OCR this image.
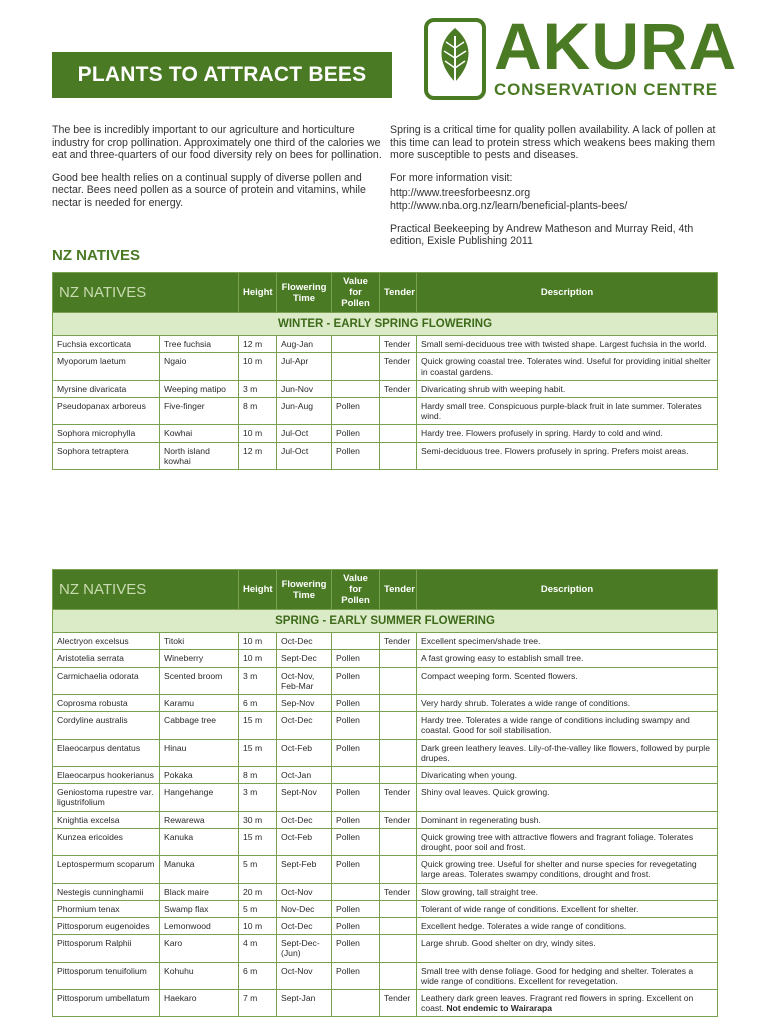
PLANTS TO ATTRACT BEES	AKURA
CONSERVATION CENTRE

The bee is incredibly important to our agriculture and horticulture industry for crop pollination. Approximately one third of the calories we eat and three-quarters of our food diversity rely on bees for pollination.

Good bee health relies on a continual supply of diverse pollen and nectar. Bees need pollen as a source of protein and vitamins, while nectar is needed for energy.

Spring is a critical time for quality pollen availability. A lack of pollen at this time can lead to protein stress which weakens bees making them more susceptible to pests and diseases.

For more information visit:

http://www.treesforbeesnz.org

http://www.nba.org.nz/learn/beneficial-plants-bees/

Practical Beekeeping by Andrew Matheson and Murray Reid, 4th edition, Exisle Publishing 2011

NZ NATIVES
NZ NATIVES		Height	Flowering Time	Value for Pollen	Tender	Description
WINTER - EARLY SPRING FLOWERING						
Fuchsia excorticata	Tree fuchsia	12 m	Aug-Jan		Tender	Small semi-deciduous tree with twisted shape. Largest fuchsia in the world.
Myoporum laetum	Ngaio	10 m	Jul-Apr		Tender	Quick growing coastal tree. Tolerates wind. Useful for providing initial shelter in coastal gardens.
Myrsine divaricata	Weeping matipo	3 m	Jun-Nov		Tender	Divaricating shrub with weeping habit.
Pseudopanax arboreus	Five-finger	8 m	Jun-Aug	Pollen		Hardy small tree. Conspicuous purple-black fruit in late summer. Tolerates wind.
Sophora microphylla	Kowhai	10 m	Jul-Oct	Pollen		Hardy tree. Flowers profusely in spring. Hardy to cold and wind.
Sophora tetraptera	North island kowhai	12 m	Jul-Oct	Pollen		Semi-deciduous tree. Flowers profusely in spring. Prefers moist areas.
NZ NATIVES		Height	Flowering Time	Value for Pollen	Tender	Description
SPRING - EARLY SUMMER FLOWERING						
Alectryon excelsus	Titoki	10 m	Oct-Dec		Tender	Excellent specimen/shade tree.
Aristotelia serrata	Wineberry	10 m	Sept-Dec	Pollen		A fast growing easy to establish small tree.
Carmichaelia odorata	Scented broom	3 m	Oct-Nov, Feb-Mar	Pollen		Compact weeping form. Scented flowers.
Coprosma robusta	Karamu	6 m	Sep-Nov	Pollen		Very hardy shrub. Tolerates a wide range of conditions.
Cordyline australis	Cabbage tree	15 m	Oct-Dec	Pollen		Hardy tree. Tolerates a wide range of conditions including swampy and coastal. Good for soil stabilisation.
Elaeocarpus dentatus	Hinau	15 m	Oct-Feb	Pollen		Dark green leathery leaves. Lily-of-the-valley like flowers, followed by purple drupes.
Elaeocarpus hookerianus	Pokaka	8 m	Oct-Jan			Divaricating when young.
Geniostoma rupestre var. ligustrifolium	Hangehange	3 m	Sept-Nov	Pollen	Tender	Shiny oval leaves. Quick growing.
Knightia excelsa	Rewarewa	30 m	Oct-Dec	Pollen	Tender	Dominant in regenerating bush.
Kunzea ericoides	Kanuka	15 m	Oct-Feb	Pollen		Quick growing tree with attractive flowers and fragrant foliage. Tolerates drought, poor soil and frost.
Leptospermum scoparum	Manuka	5 m	Sept-Feb	Pollen		Quick growing tree. Useful for shelter and nurse species for revegetating large areas. Tolerates swampy conditions, drought and frost.
Nestegis cunninghamii	Black maire	20 m	Oct-Nov		Tender	Slow growing, tall straight tree.
Phormium tenax	Swamp flax	5 m	Nov-Dec	Pollen		Tolerant of wide range of conditions. Excellent for shelter.
Pittosporum eugenoides	Lemonwood	10 m	Oct-Dec	Pollen		Excellent hedge. Tolerates a wide range of conditions.
Pittosporum Ralphii	Karo	4 m	Sept-Dec- (Jun)	Pollen		Large shrub. Good shelter on dry, windy sites.
Pittosporum tenuifolium	Kohuhu	6 m	Oct-Nov	Pollen		Small tree with dense foliage. Good for hedging and shelter. Tolerates a wide range of conditions. Excellent for revegetation.
Pittosporum umbellatum	Haekaro	7 m	Sept-Jan		Tender	Leathery dark green leaves. Fragrant red flowers in spring. Excellent on coast. Not endemic to Wairarapa
